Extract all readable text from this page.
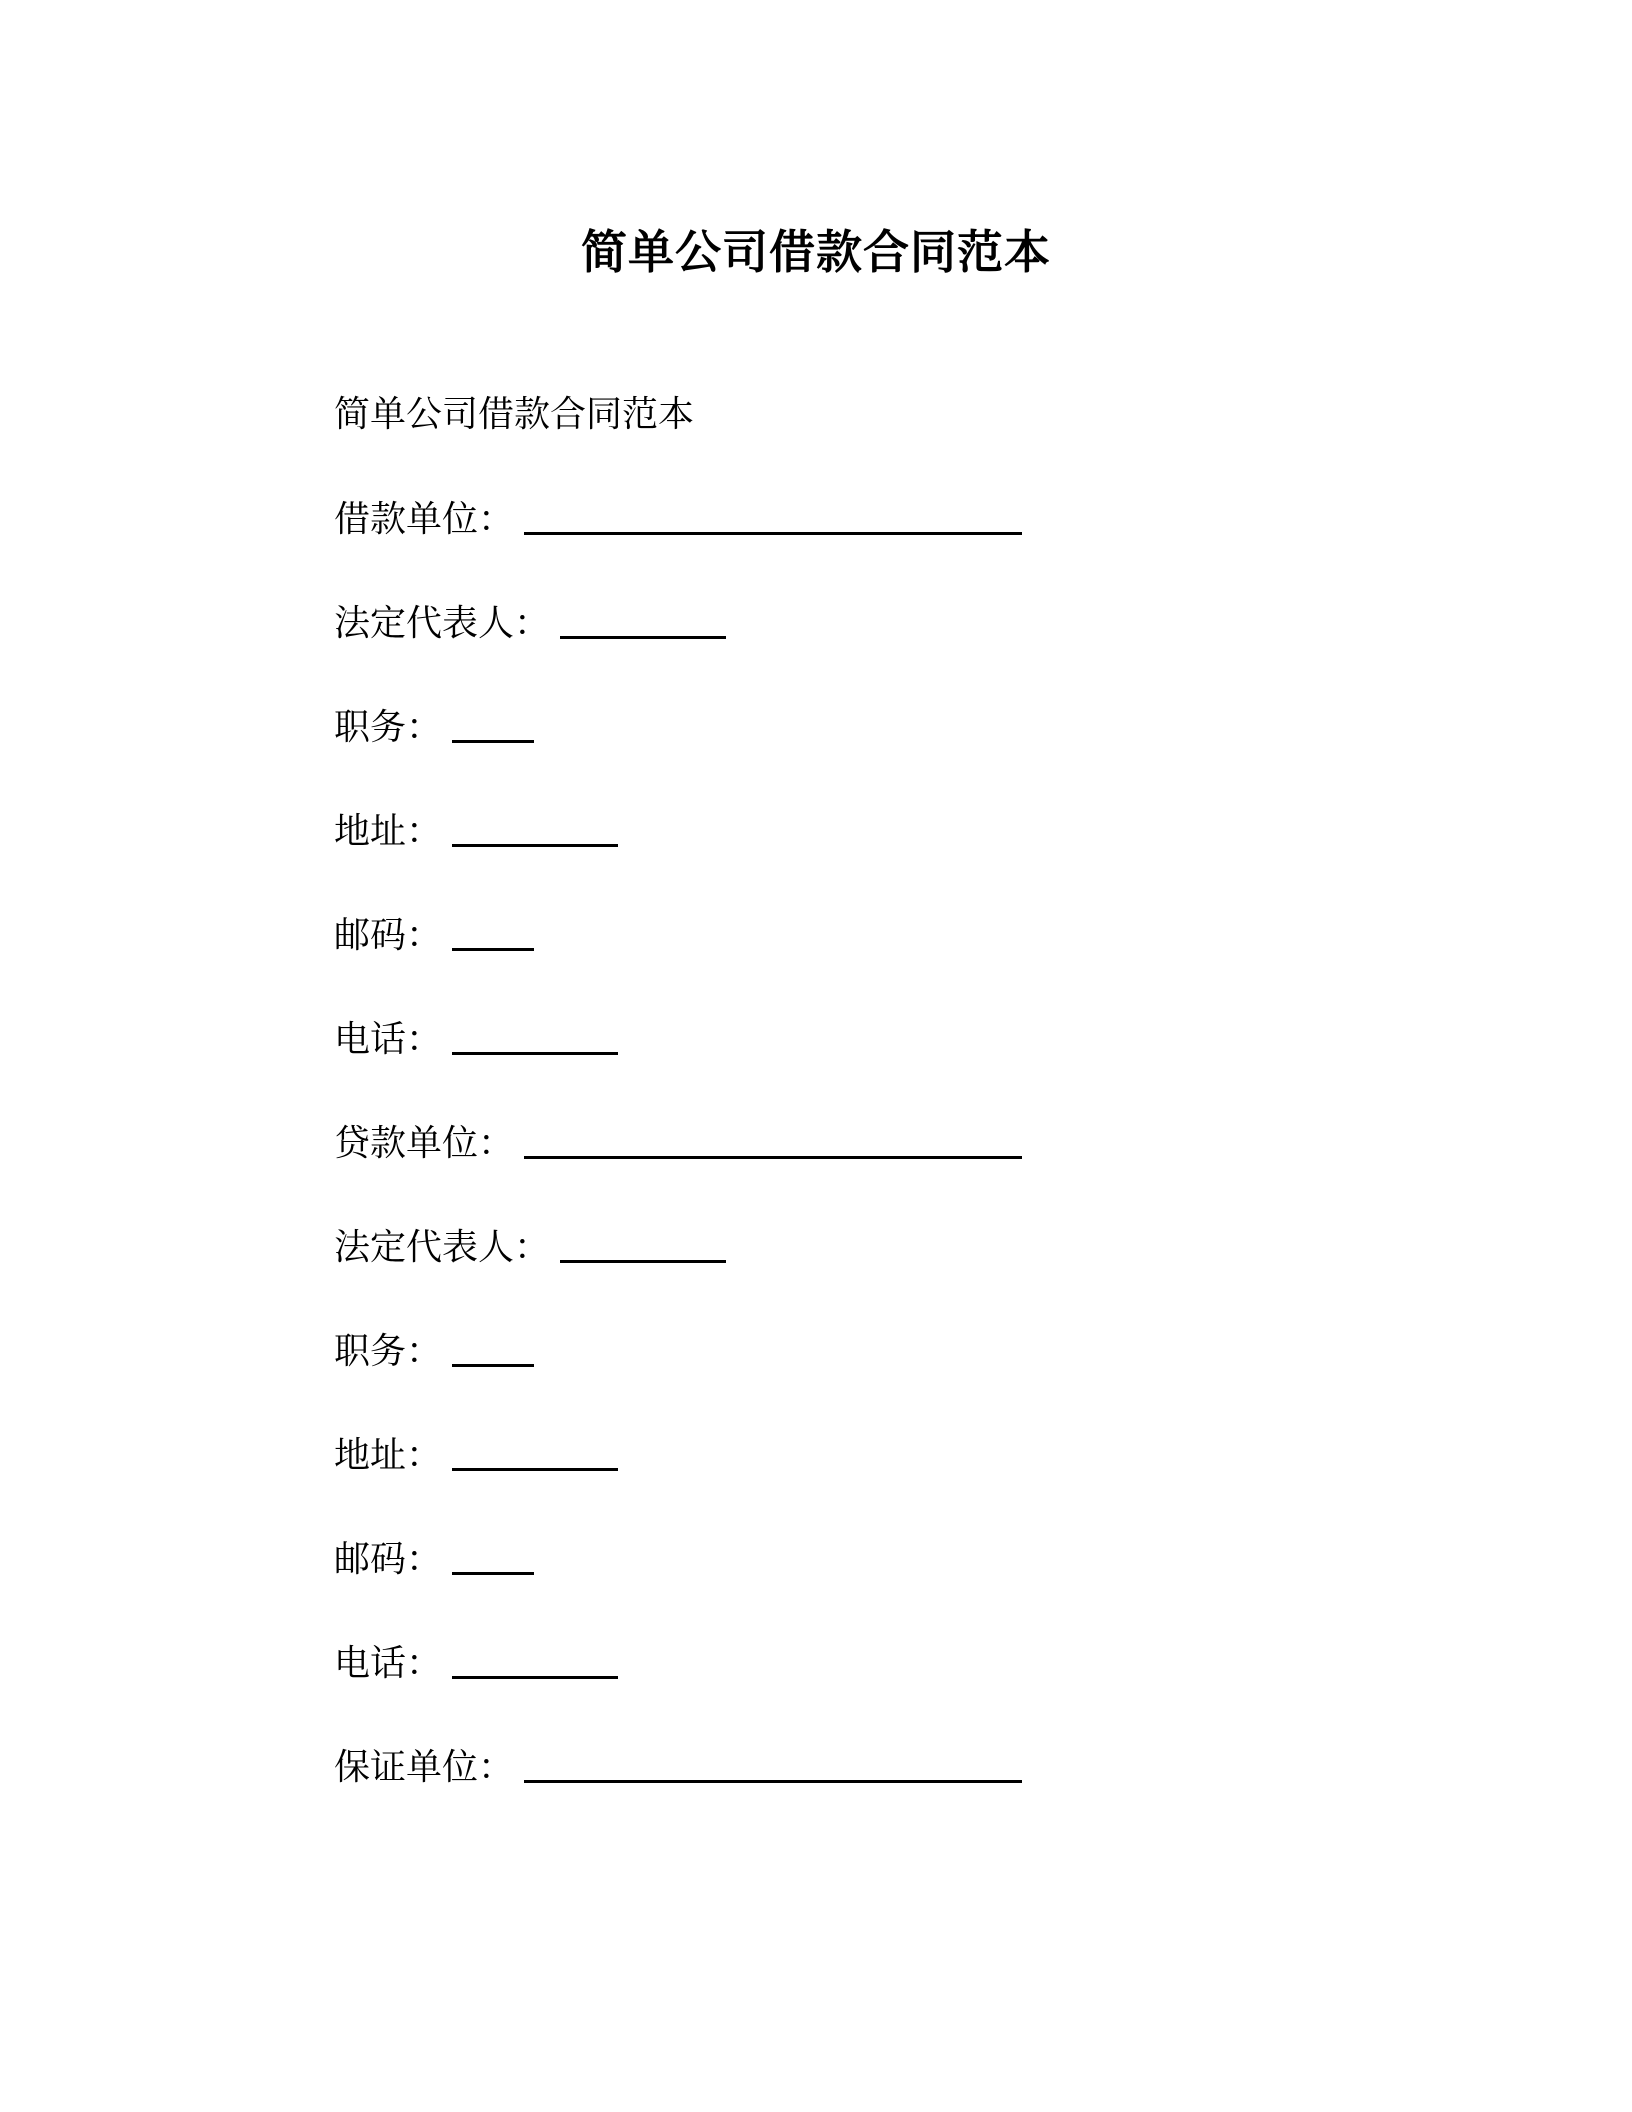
简单公司借款合同范本

简单公司借款合同范本

借款单位 ：

法定代表人 ：

职务 ：

地址 ：

邮码 ：

电话 ：

贷款单位 ：

法定代表人 ：

职务 ：

地址 ：

邮码 ：

电话 ：

保证单位 ：
